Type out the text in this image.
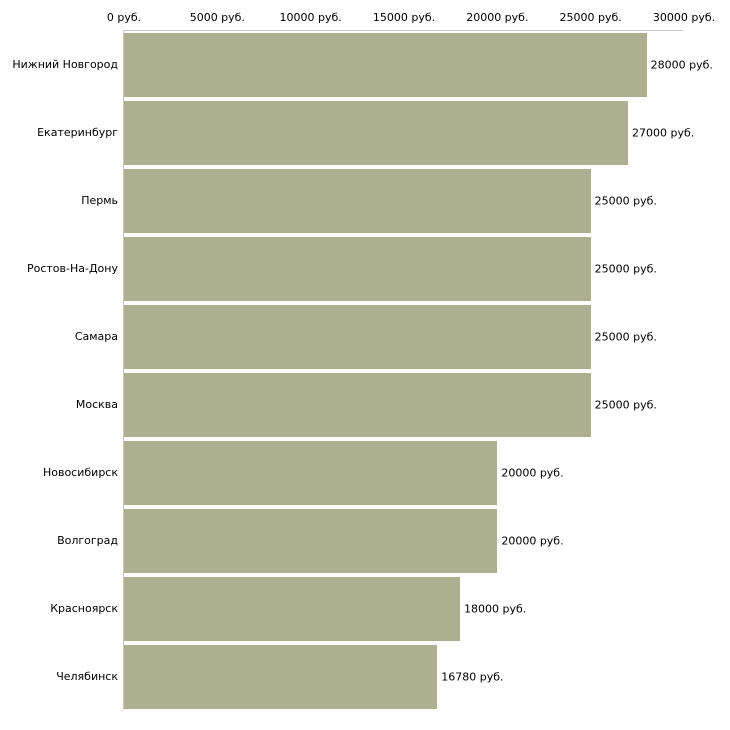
0 руб.	5000 руб.	10000 руб.	15000 руб.	20000 руб.	25000 руб.	30000 руб.
28000 руб.
27000 руб.
25000 руб.
25000 руб.
25000 руб.
25000 руб.
20000 руб.
20000 руб.
18000 руб.
16780 руб.
Нижний Новгород
Екатеринбург
Пермь
Ростов-На-Дону
Самара
Москва
Новосибирск
Волгоград
Красноярск
Челябинск
